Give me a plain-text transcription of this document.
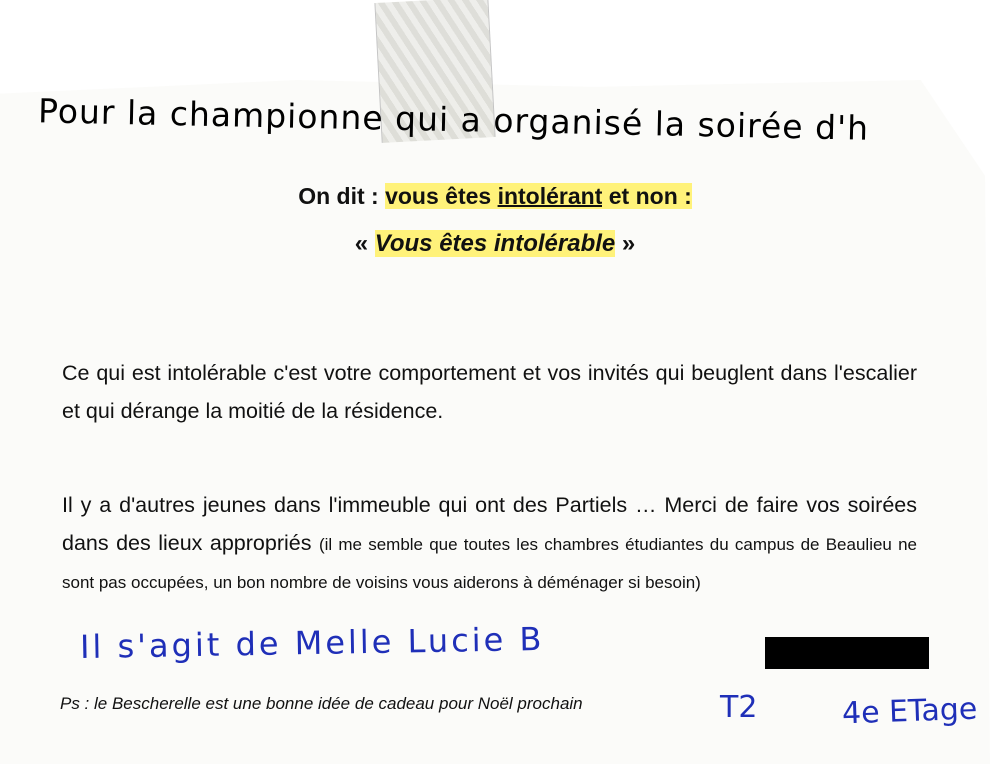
Pour la championne qui a organisé la soirée d'h
On dit : vous êtes intolérant et non :
« Vous êtes intolérable »
Ce qui est intolérable c'est votre comportement et vos invités qui beuglent dans l'escalier et qui dérange la moitié de la résidence.
Il y a d'autres jeunes dans l'immeuble qui ont des Partiels … Merci de faire vos soirées dans des lieux appropriés (il me semble que toutes les chambres étudiantes du campus de Beaulieu ne sont pas occupées, un bon nombre de voisins vous aiderons à déménager si besoin)
Il s'agit de Melle Lucie B
Ps : le Bescherelle est une bonne idée de cadeau pour Noël prochain	T2	4e ETage
